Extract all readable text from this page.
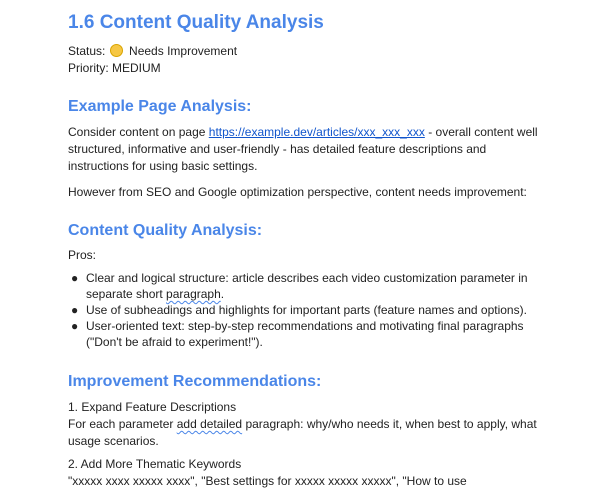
1.6 Content Quality Analysis

Status: Needs Improvement

Priority: MEDIUM

Example Page Analysis:

Consider content on page https://example.dev/articles/xxx_xxx_xxx - overall content well structured, informative and user-friendly - has detailed feature descriptions and instructions for using basic settings.

However from SEO and Google optimization perspective, content needs improvement:

Content Quality Analysis:

Pros:

● Clear and logical structure: article describes each video customization parameter in separate short paragraph.
● Use of subheadings and highlights for important parts (feature names and options).
● User-oriented text: step-by-step recommendations and motivating final paragraphs ("Don't be afraid to experiment!").
Improvement Recommendations:

1. Expand Feature Descriptions

For each parameter add detailed paragraph: why/who needs it, when best to apply, what usage scenarios.

2. Add More Thematic Keywords

"xxxxx xxxx xxxxx xxxx", "Best settings for xxxxx xxxxx xxxxx", "How to use
